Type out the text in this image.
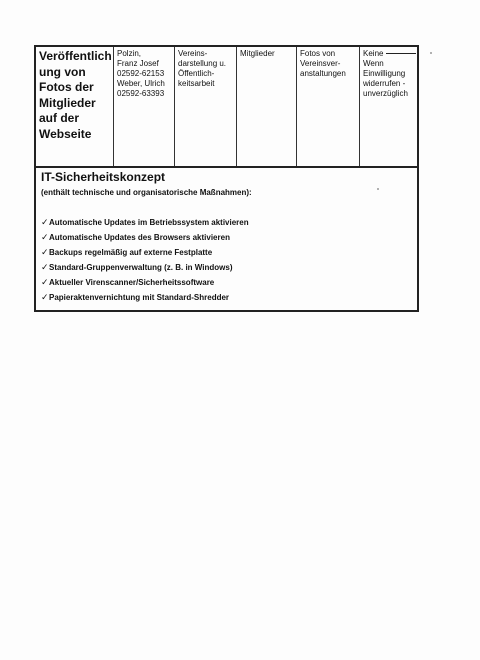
Veröffentlich
ung von
Fotos der
Mitglieder
auf der
Webseite
Polzin,
Franz Josef
02592-62153
Weber, Ulrich
02592-63393
Vereins-
darstellung u.
Öffentlich-
keitsarbeit
Mitglieder	Fotos von
Vereinsver-
anstaltungen
Keine
Wenn
Einwilligung
widerrufen -
unverzüglich
IT-Sicherheitskonzept
(enthält technische und organisatorische Maßnahmen):
✓ Automatische Updates im Betriebssystem aktivieren
✓ Automatische Updates des Browsers aktivieren
✓ Backups regelmäßig auf externe Festplatte
✓ Standard-Gruppenverwaltung (z. B. in Windows)
✓ Aktueller Virenscanner/Sicherheitssoftware
✓ Papieraktenvernichtung mit Standard-Shredder
